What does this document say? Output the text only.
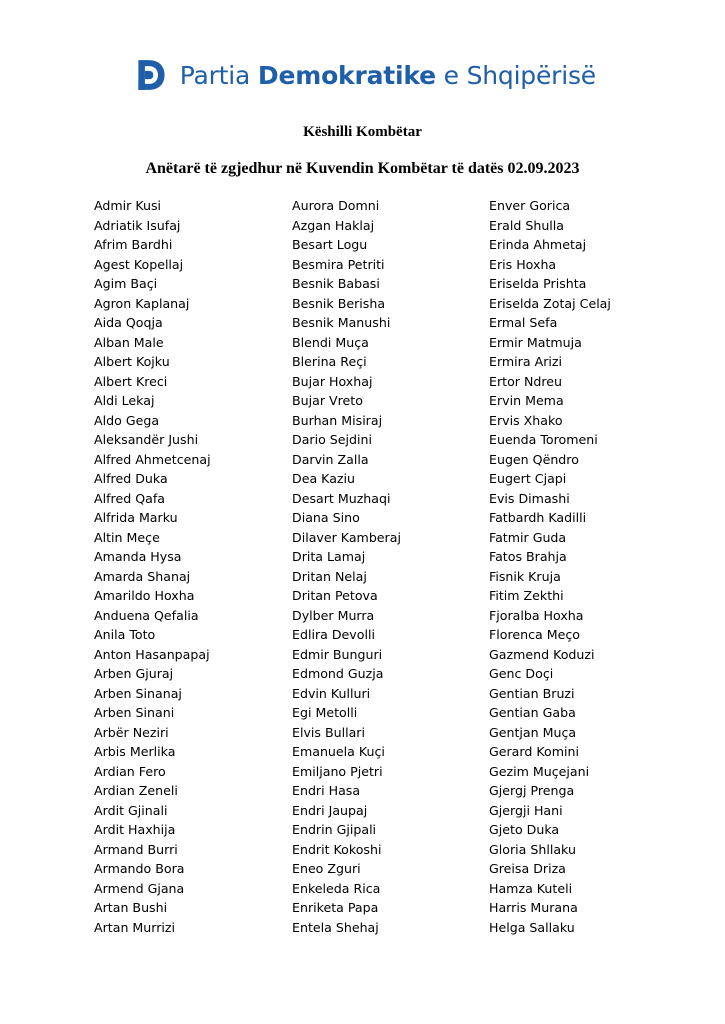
Partia Demokratike e Shqipërisë
Këshilli Kombëtar
Anëtarë të zgjedhur në Kuvendin Kombëtar të datës 02.09.2023
Admir Kusi
Adriatik Isufaj
Afrim Bardhi
Agest Kopellaj
Agim Baçi
Agron Kaplanaj
Aida Qoqja
Alban Male
Albert Kojku
Albert Kreci
Aldi Lekaj
Aldo Gega
Aleksandër Jushi
Alfred Ahmetcenaj
Alfred Duka
Alfred Qafa
Alfrida Marku
Altin Meçe
Amanda Hysa
Amarda Shanaj
Amarildo Hoxha
Anduena Qefalia
Anila Toto
Anton Hasanpapaj
Arben Gjuraj
Arben Sinanaj
Arben Sinani
Arbër Neziri
Arbis Merlika
Ardian Fero
Ardian Zeneli
Ardit Gjinali
Ardit Haxhija
Armand Burri
Armando Bora
Armend Gjana
Artan Bushi
Artan Murrizi
Aurora Domni
Azgan Haklaj
Besart Logu
Besmira Petriti
Besnik Babasi
Besnik Berisha
Besnik Manushi
Blendi Muça
Blerina Reçi
Bujar Hoxhaj
Bujar Vreto
Burhan Misiraj
Dario Sejdini
Darvin Zalla
Dea Kaziu
Desart Muzhaqi
Diana Sino
Dilaver Kamberaj
Drita Lamaj
Dritan Nelaj
Dritan Petova
Dylber Murra
Edlira Devolli
Edmir Bunguri
Edmond Guzja
Edvin Kulluri
Egi Metolli
Elvis Bullari
Emanuela Kuçi
Emiljano Pjetri
Endri Hasa
Endri Jaupaj
Endrin Gjipali
Endrit Kokoshi
Eneo Zguri
Enkeleda Rica
Enriketa Papa
Entela Shehaj
Enver Gorica
Erald Shulla
Erinda Ahmetaj
Eris Hoxha
Eriselda Prishta
Eriselda Zotaj Celaj
Ermal Sefa
Ermir Matmuja
Ermira Arizi
Ertor Ndreu
Ervin Mema
Ervis Xhako
Euenda Toromeni
Eugen Qëndro
Eugert Cjapi
Evis Dimashi
Fatbardh Kadilli
Fatmir Guda
Fatos Brahja
Fisnik Kruja
Fitim Zekthi
Fjoralba Hoxha
Florenca Meço
Gazmend Koduzi
Genc Doçi
Gentian Bruzi
Gentian Gaba
Gentjan Muça
Gerard Komini
Gezim Muçejani
Gjergj Prenga
Gjergji Hani
Gjeto Duka
Gloria Shllaku
Greisa Driza
Hamza Kuteli
Harris Murana
Helga Sallaku
